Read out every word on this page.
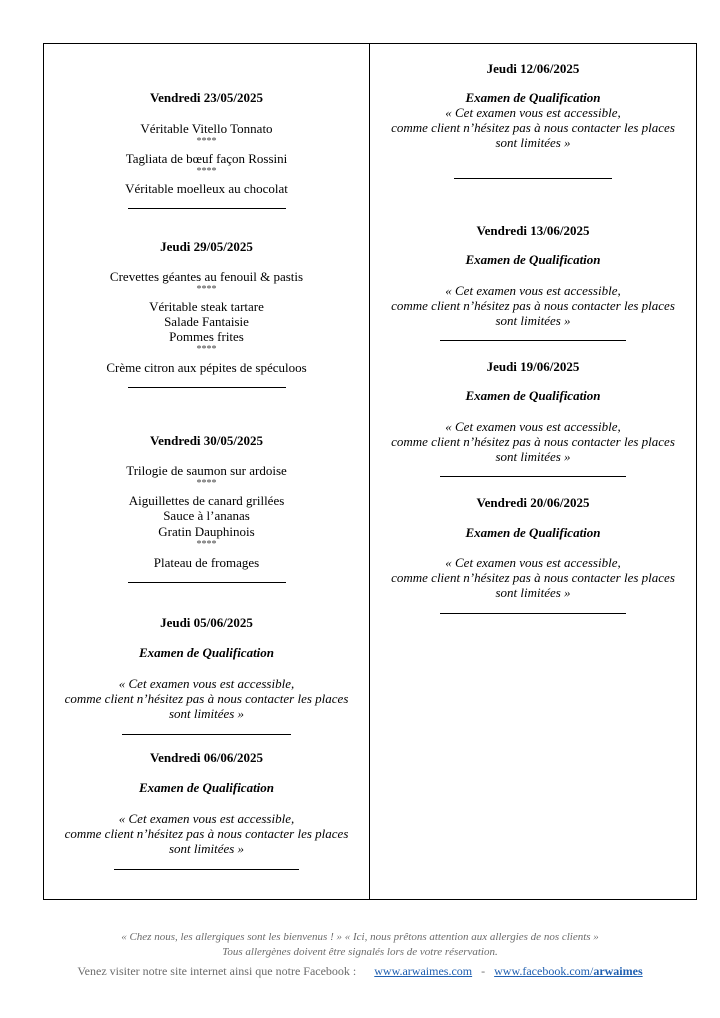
Vendredi 23/05/2025
Véritable Vitello Tonnato
****
Tagliata de bœuf façon Rossini
****
Véritable moelleux au chocolat
Jeudi 29/05/2025
Crevettes géantes au fenouil & pastis
****
Véritable steak tartare
Salade Fantaisie
Pommes frites
****
Crème citron aux pépites de spéculoos
Vendredi 30/05/2025
Trilogie de saumon sur ardoise
****
Aiguillettes de canard grillées
Sauce à l’ananas
Gratin Dauphinois
****
Plateau de fromages
Jeudi 05/06/2025
Examen de Qualification
« Cet examen vous est accessible,
comme client n’hésitez pas à nous contacter les places
sont limitées »
Vendredi 06/06/2025
Examen de Qualification
« Cet examen vous est accessible,
comme client n’hésitez pas à nous contacter les places
sont limitées »
Jeudi 12/06/2025
Examen de Qualification
« Cet examen vous est accessible,
comme client n’hésitez pas à nous contacter les places
sont limitées »
Vendredi 13/06/2025
Examen de Qualification
« Cet examen vous est accessible,
comme client n’hésitez pas à nous contacter les places
sont limitées »
Jeudi 19/06/2025
Examen de Qualification
« Cet examen vous est accessible,
comme client n’hésitez pas à nous contacter les places
sont limitées »
Vendredi 20/06/2025
Examen de Qualification
« Cet examen vous est accessible,
comme client n’hésitez pas à nous contacter les places
sont limitées »
« Chez nous, les allergiques sont les bienvenus ! » « Ici, nous prêtons attention aux allergies de nos clients »
Tous allergènes doivent être signalés lors de votre réservation.
Venez visiter notre site internet ainsi que notre Facebook : www.arwaimes.com - www.facebook.com/arwaimes
